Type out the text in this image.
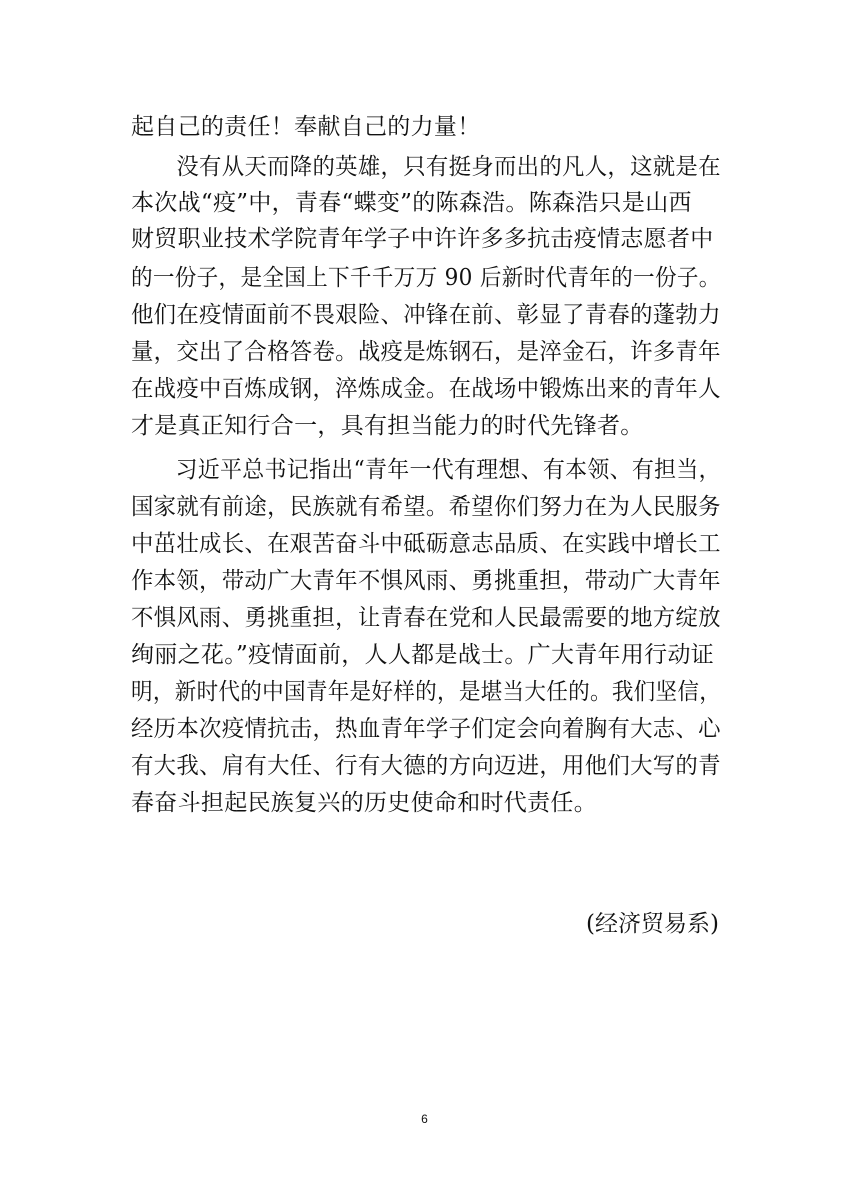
起自己的责任！奉献自己的力量！
　　没有从天而降的英雄，只有挺身而出的凡人，这就是在
本次战“疫”中，青春“蝶变”的陈森浩。陈森浩只是山西
财贸职业技术学院青年学子中许许多多抗击疫情志愿者中
的一份子，是全国上下千千万万 90 后新时代青年的一份子。
他们在疫情面前不畏艰险、冲锋在前、彰显了青春的蓬勃力
量，交出了合格答卷。战疫是炼钢石，是淬金石，许多青年
在战疫中百炼成钢，淬炼成金。在战场中锻炼出来的青年人
才是真正知行合一，具有担当能力的时代先锋者。
　　习近平总书记指出“青年一代有理想、有本领、有担当，
国家就有前途，民族就有希望。希望你们努力在为人民服务
中茁壮成长、在艰苦奋斗中砥砺意志品质、在实践中增长工
作本领，带动广大青年不惧风雨、勇挑重担，带动广大青年
不惧风雨、勇挑重担，让青春在党和人民最需要的地方绽放
绚丽之花。”疫情面前，人人都是战士。广大青年用行动证
明，新时代的中国青年是好样的，是堪当大任的。我们坚信，
经历本次疫情抗击，热血青年学子们定会向着胸有大志、心
有大我、肩有大任、行有大德的方向迈进，用他们大写的青
春奋斗担起民族复兴的历史使命和时代责任。
(经济贸易系)
6
